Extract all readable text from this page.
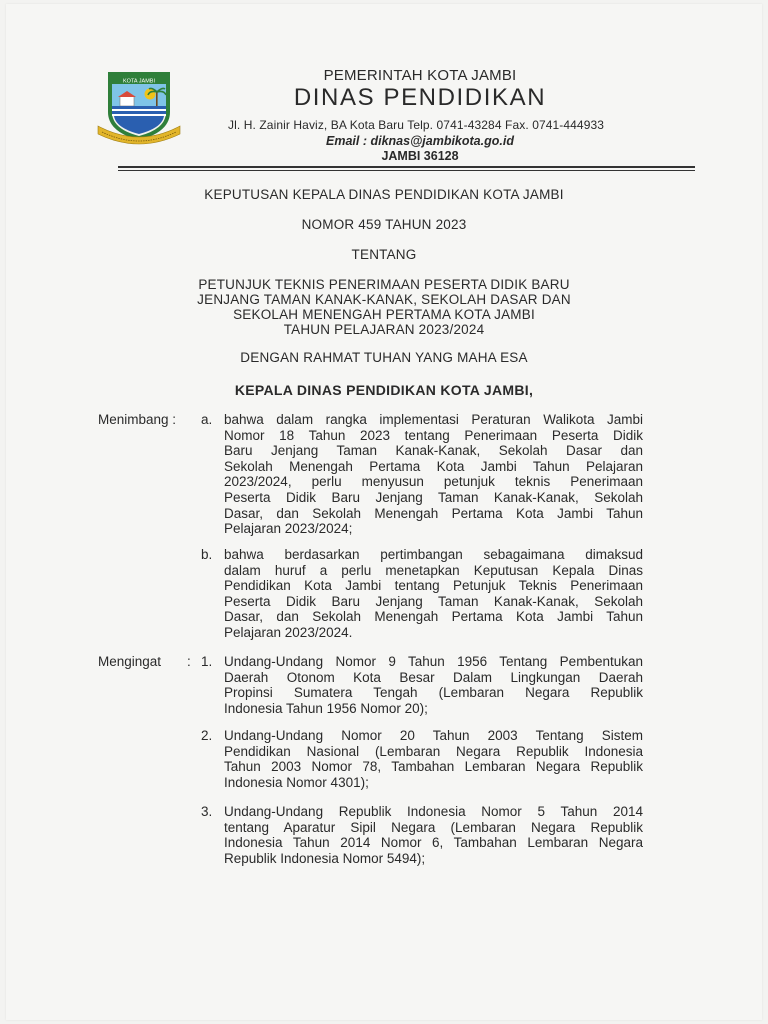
KOTA JAMBI	PEMERINTAH KOTA JAMBI
DINAS PENDIDIKAN
Jl. H. Zainir Haviz, BA Kota Baru Telp. 0741-43284 Fax. 0741-444933
Email : diknas@jambikota.go.id
JAMBI 36128
KEPUTUSAN KEPALA DINAS PENDIDIKAN KOTA JAMBI
NOMOR 459 TAHUN 2023
TENTANG
PETUNJUK TEKNIS PENERIMAAN PESERTA DIDIK BARU
JENJANG TAMAN KANAK-KANAK, SEKOLAH DASAR DAN
SEKOLAH MENENGAH PERTAMA KOTA JAMBI
TAHUN PELAJARAN 2023/2024
DENGAN RAHMAT TUHAN YANG MAHA ESA
KEPALA DINAS PENDIDIKAN KOTA JAMBI,
Menimbang : a. bahwa dalam rangka implementasi Peraturan Walikota Jambi
Nomor 18 Tahun 2023 tentang Penerimaan Peserta Didik
Baru Jenjang Taman Kanak-Kanak, Sekolah Dasar dan
Sekolah Menengah Pertama Kota Jambi Tahun Pelajaran
2023/2024, perlu menyusun petunjuk teknis Penerimaan
Peserta Didik Baru Jenjang Taman Kanak-Kanak, Sekolah
Dasar, dan Sekolah Menengah Pertama Kota Jambi Tahun
Pelajaran 2023/2024;
b. bahwa berdasarkan pertimbangan sebagaimana dimaksud
dalam huruf a perlu menetapkan Keputusan Kepala Dinas
Pendidikan Kota Jambi tentang Petunjuk Teknis Penerimaan
Peserta Didik Baru Jenjang Taman Kanak-Kanak, Sekolah
Dasar, dan Sekolah Menengah Pertama Kota Jambi Tahun
Pelajaran 2023/2024.
Mengingat : 1. Undang-Undang Nomor 9 Tahun 1956 Tentang Pembentukan
Daerah Otonom Kota Besar Dalam Lingkungan Daerah
Propinsi Sumatera Tengah (Lembaran Negara Republik
Indonesia Tahun 1956 Nomor 20);
2. Undang-Undang Nomor 20 Tahun 2003 Tentang Sistem
Pendidikan Nasional (Lembaran Negara Republik Indonesia
Tahun 2003 Nomor 78, Tambahan Lembaran Negara Republik
Indonesia Nomor 4301);
3. Undang-Undang Republik Indonesia Nomor 5 Tahun 2014
tentang Aparatur Sipil Negara (Lembaran Negara Republik
Indonesia Tahun 2014 Nomor 6, Tambahan Lembaran Negara
Republik Indonesia Nomor 5494);
